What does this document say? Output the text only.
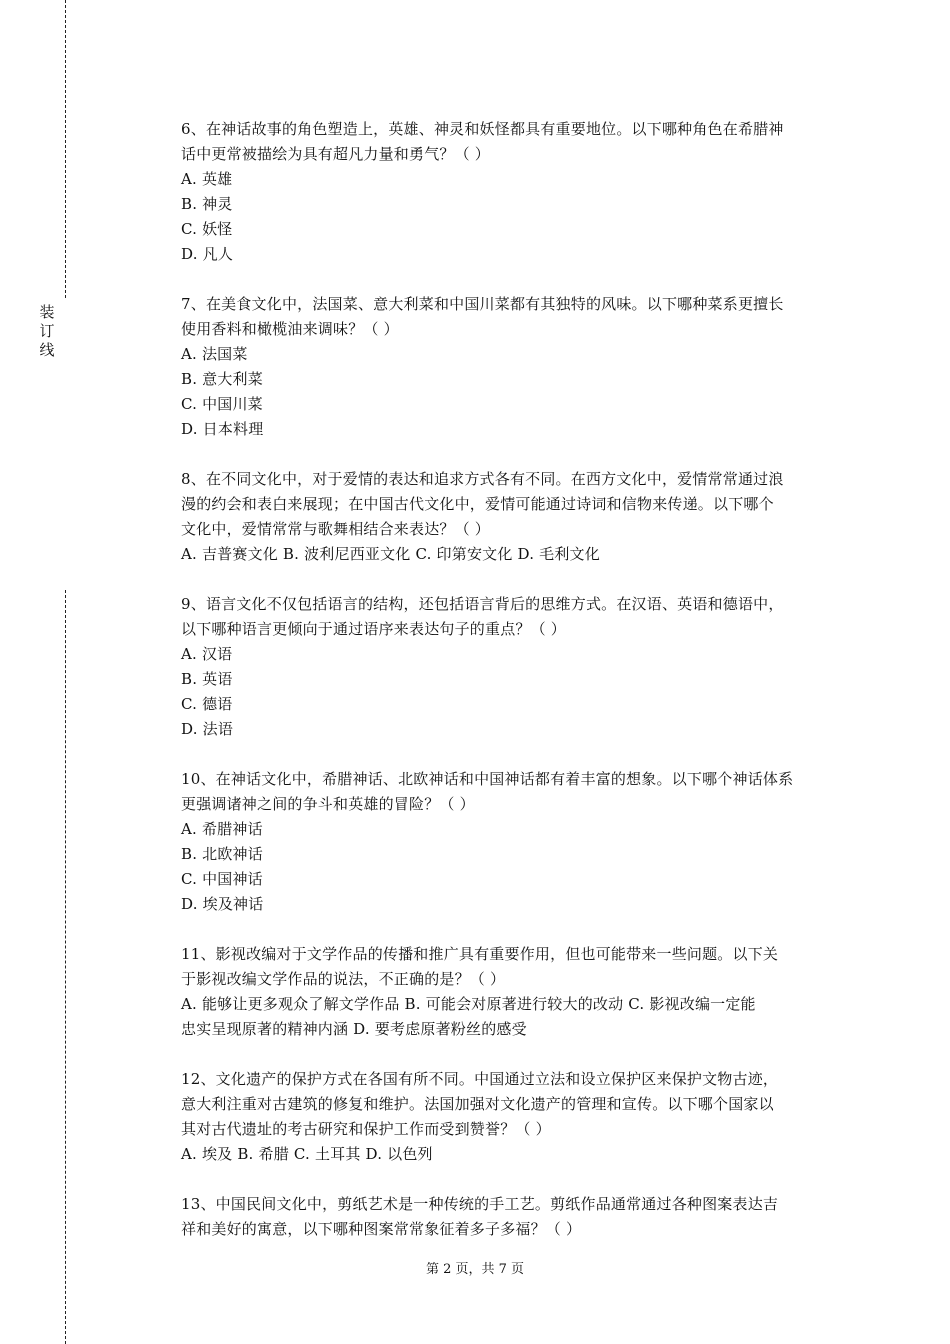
装
订
线
6、在神话故事的角色塑造上，英雄、神灵和妖怪都具有重要地位。以下哪种角色在希腊神
话中更常被描绘为具有超凡力量和勇气？（ ）
A. 英雄
B. 神灵
C. 妖怪
D. 凡人
7、在美食文化中，法国菜、意大利菜和中国川菜都有其独特的风味。以下哪种菜系更擅长
使用香料和橄榄油来调味？（ ）
A. 法国菜
B. 意大利菜
C. 中国川菜
D. 日本料理
8、在不同文化中，对于爱情的表达和追求方式各有不同。在西方文化中，爱情常常通过浪
漫的约会和表白来展现；在中国古代文化中，爱情可能通过诗词和信物来传递。以下哪个
文化中，爱情常常与歌舞相结合来表达？（ ）
A. 吉普赛文化 B. 波利尼西亚文化 C. 印第安文化 D. 毛利文化
9、语言文化不仅包括语言的结构，还包括语言背后的思维方式。在汉语、英语和德语中，
以下哪种语言更倾向于通过语序来表达句子的重点？（ ）
A. 汉语
B. 英语
C. 德语
D. 法语
10、在神话文化中，希腊神话、北欧神话和中国神话都有着丰富的想象。以下哪个神话体系
更强调诸神之间的争斗和英雄的冒险？（ ）
A. 希腊神话
B. 北欧神话
C. 中国神话
D. 埃及神话
11、影视改编对于文学作品的传播和推广具有重要作用，但也可能带来一些问题。以下关
于影视改编文学作品的说法，不正确的是？（ ）
A. 能够让更多观众了解文学作品 B. 可能会对原著进行较大的改动 C. 影视改编一定能
忠实呈现原著的精神内涵 D. 要考虑原著粉丝的感受
12、文化遗产的保护方式在各国有所不同。中国通过立法和设立保护区来保护文物古迹，
意大利注重对古建筑的修复和维护。法国加强对文化遗产的管理和宣传。以下哪个国家以
其对古代遗址的考古研究和保护工作而受到赞誉？（ ）
A. 埃及 B. 希腊 C. 土耳其 D. 以色列
13、中国民间文化中，剪纸艺术是一种传统的手工艺。剪纸作品通常通过各种图案表达吉
祥和美好的寓意，以下哪种图案常常象征着多子多福？（ ）
第 2 页，共 7 页
